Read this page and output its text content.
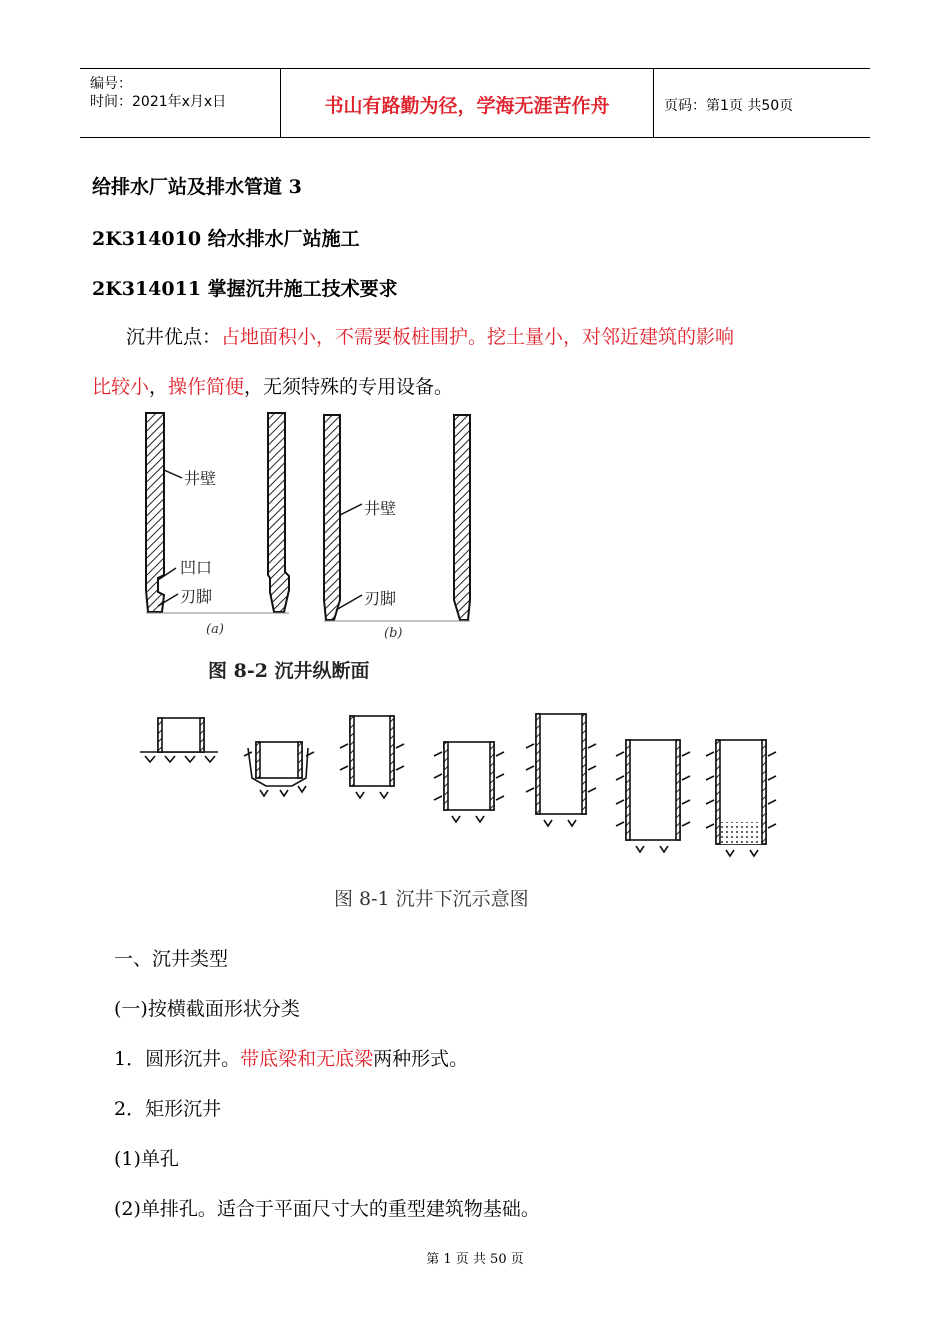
编号：
时间：2021年x月x日	书山有路勤为径，学海无涯苦作舟	页码：第1页 共50页
给排水厂站及排水管道 3
2K314010 给水排水厂站施工
2K314011 掌握沉井施工技术要求
沉井优点：占地面积小，不需要板桩围护。挖土量小，对邻近建筑的影响
比较小，操作简便，无须特殊的专用设备。
井壁
凹口
刃脚
井壁
刃脚
(a)	(b)
图 8-2 沉井纵断面
图 8-1 沉井下沉示意图
一、沉井类型
(一)按横截面形状分类
1．圆形沉井。带底梁和无底梁两种形式。
2．矩形沉井
(1)单孔
(2)单排孔。适合于平面尺寸大的重型建筑物基础。
第 1 页 共 50 页
